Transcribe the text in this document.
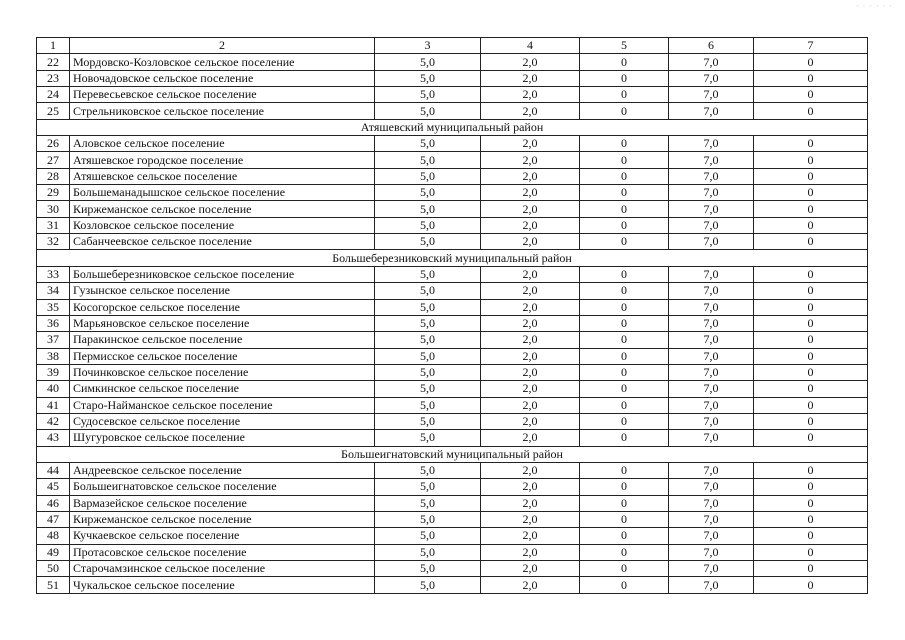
· · · · · ·
1	2	3	4	5	6	7
22	Мордовско-Козловское сельское поселение	5,0	2,0	0	7,0	0
23	Новочадовское сельское поселение	5,0	2,0	0	7,0	0
24	Перевесьевское сельское поселение	5,0	2,0	0	7,0	0
25	Стрельниковское сельское поселение	5,0	2,0	0	7,0	0
Атяшевский муниципальный район						
26	Аловское сельское поселение	5,0	2,0	0	7,0	0
27	Атяшевское городское поселение	5,0	2,0	0	7,0	0
28	Атяшевское сельское поселение	5,0	2,0	0	7,0	0
29	Большеманадышское сельское поселение	5,0	2,0	0	7,0	0
30	Киржеманское сельское поселение	5,0	2,0	0	7,0	0
31	Козловское сельское поселение	5,0	2,0	0	7,0	0
32	Сабанчеевское сельское поселение	5,0	2,0	0	7,0	0
Большеберезниковский муниципальный район						
33	Большеберезниковское сельское поселение	5,0	2,0	0	7,0	0
34	Гузынское сельское поселение	5,0	2,0	0	7,0	0
35	Косогорское сельское поселение	5,0	2,0	0	7,0	0
36	Марьяновское сельское поселение	5,0	2,0	0	7,0	0
37	Паракинское сельское поселение	5,0	2,0	0	7,0	0
38	Пермисское сельское поселение	5,0	2,0	0	7,0	0
39	Починковское сельское поселение	5,0	2,0	0	7,0	0
40	Симкинское сельское поселение	5,0	2,0	0	7,0	0
41	Старо-Найманское сельское поселение	5,0	2,0	0	7,0	0
42	Судосевское сельское поселение	5,0	2,0	0	7,0	0
43	Шугуровское сельское поселение	5,0	2,0	0	7,0	0
Большеигнатовский муниципальный район						
44	Андреевское сельское поселение	5,0	2,0	0	7,0	0
45	Большеигнатовское сельское поселение	5,0	2,0	0	7,0	0
46	Вармазейское сельское поселение	5,0	2,0	0	7,0	0
47	Киржеманское сельское поселение	5,0	2,0	0	7,0	0
48	Кучкаевское сельское поселение	5,0	2,0	0	7,0	0
49	Протасовское сельское поселение	5,0	2,0	0	7,0	0
50	Старочамзинское сельское поселение	5,0	2,0	0	7,0	0
51	Чукальское сельское поселение	5,0	2,0	0	7,0	0
